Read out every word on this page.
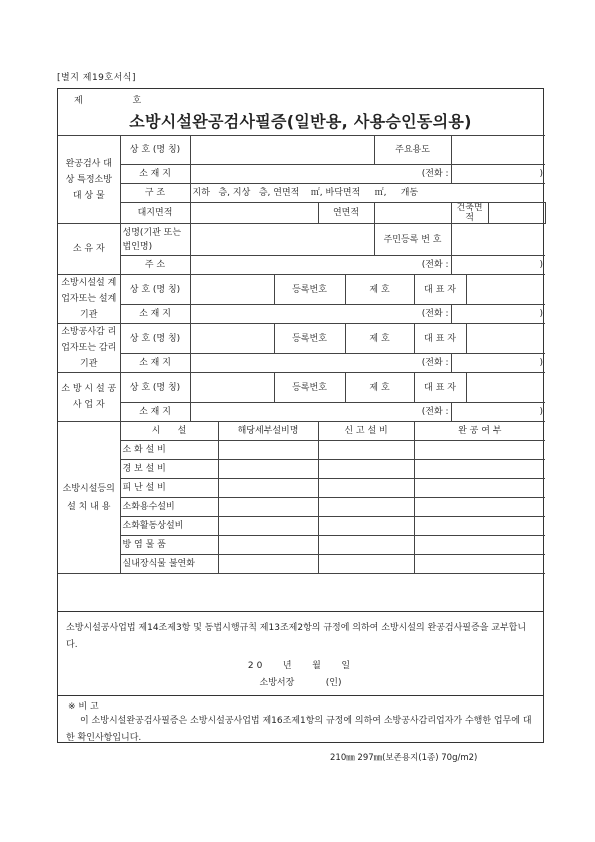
[별지 제19호서식]
제	호
소방시설완공검사필증(일반용, 사용승인동의용)
완공검사 대 상 특정소방 대 상 물	상 호 (명 칭)						주요용도					
	소 재 지	(전화 :							)			
	구 조	지하   층, 지상   층, 연면적    ㎡, 바닥면적     ㎡,     개동										
	대지면적				연면적				건축면적			
소 유 자	성명(기관 또는법인명)						주민등록 번 호					
	주 소	(전화 :							)			
소방시설설 계업자또는 설계기관	상 호 (명 칭)			등록번호		제 호		대 표 자				
	소 재 지	(전화 :							)			
소방공사감 리업자또는 감리기관	상 호 (명 칭)			등록번호		제 호		대 표 자				
	소 재 지	(전화 :							)			
소 방 시 설 공 사 업 자	상 호 (명 칭)			등록번호		제 호		대 표 자				
	소 재 지	(전화 :							)			
소방시설등의 설 치 내 용	시      설		해당세부설비명		신 고 설 비			완 공 여 부				
	소 화 설 비											
	경 보 설 비											
	피 난 설 비											
	소화용수설비											
	소화활동상설비											
	방 염 물 품											
	실내장식물 불연화											
소방시설공사업법 제14조제3항 및 동법시행규칙 제13조제2항의 규정에 의하여 소방시설의 완공검사필증을 교부합니다.
20   년   월   일
소방서장           (인)
※ 비 고
이 소방시설완공검사필증은 소방시설공사업법 제16조제1항의 규정에 의하여 소방공사감리업자가 수행한 업무에 대한 확인사항입니다.
210㎜ 297㎜(보존용지(1종) 70g/m2)
